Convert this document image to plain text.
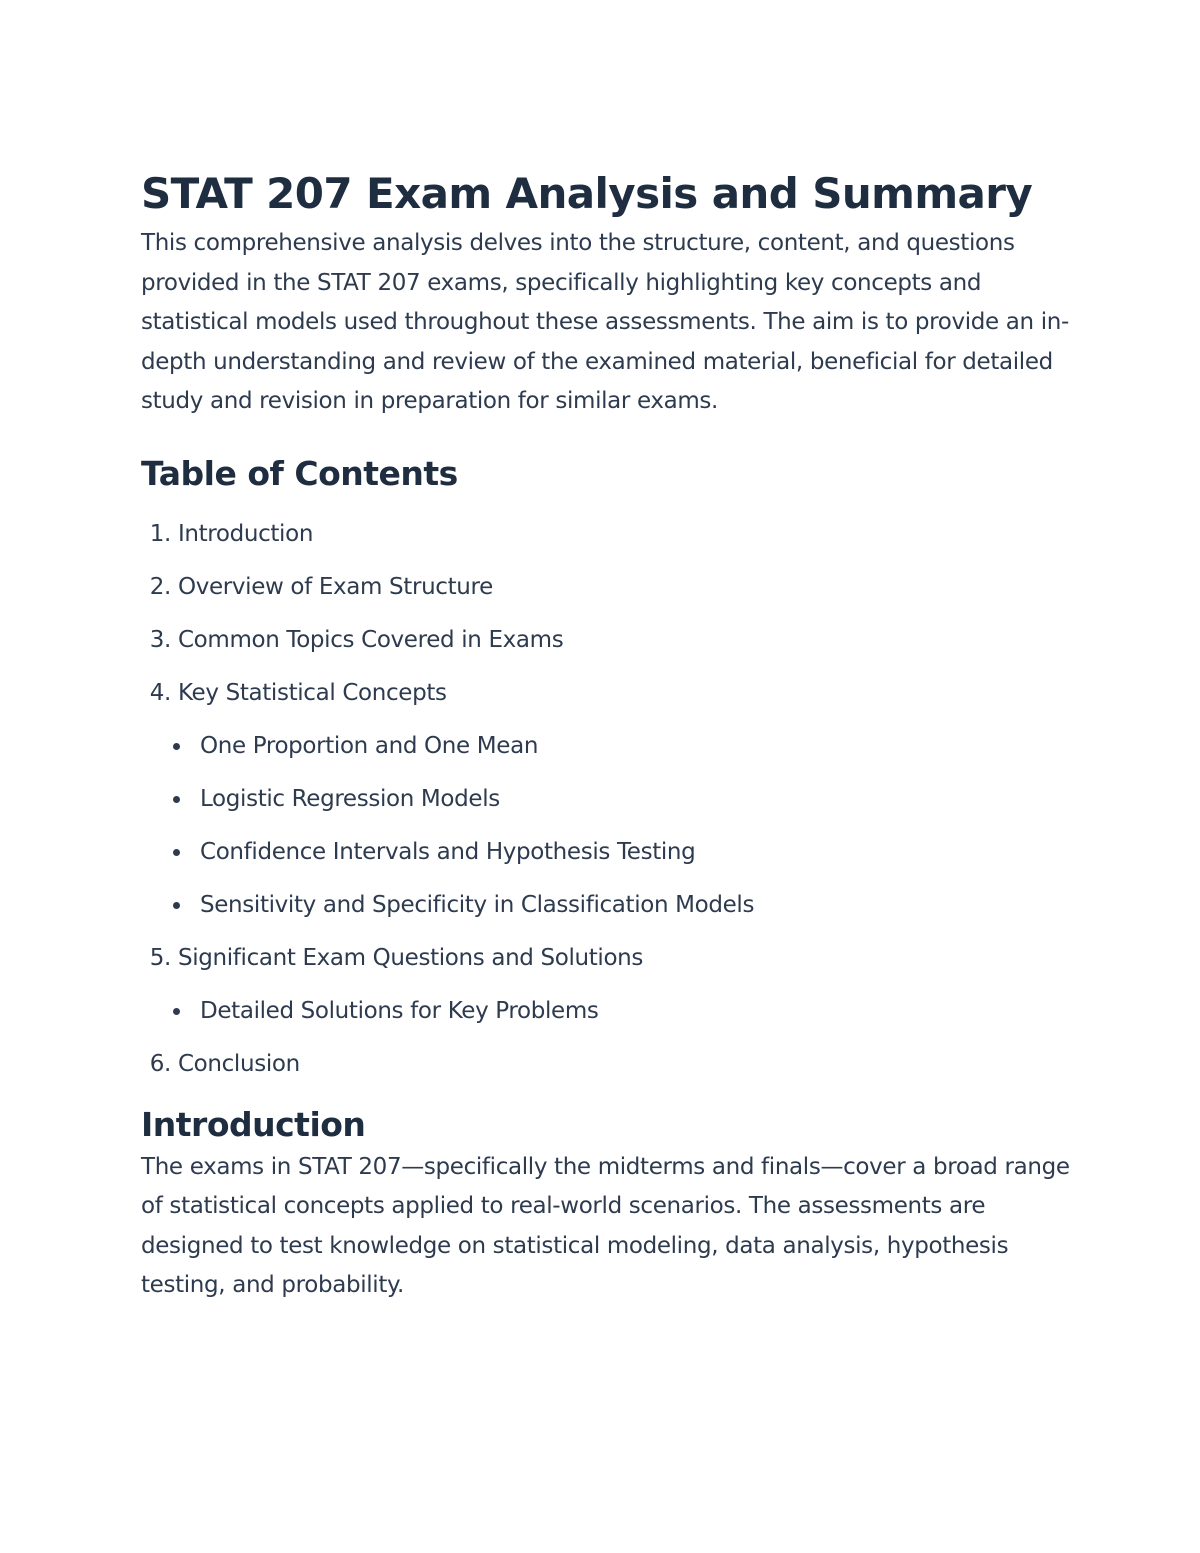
STAT 207 Exam Analysis and Summary

This comprehensive analysis delves into the structure, content, and questions provided in the STAT 207 exams, specifically highlighting key concepts and statistical models used throughout these assessments. The aim is to provide an in-depth understanding and review of the examined material, beneficial for detailed study and revision in preparation for similar exams.

Table of Contents
1. Introduction
2. Overview of Exam Structure
3. Common Topics Covered in Exams
4. Key Statistical Concepts
One Proportion and One Mean
Logistic Regression Models
Confidence Intervals and Hypothesis Testing
Sensitivity and Specificity in Classification Models
5. Significant Exam Questions and Solutions
Detailed Solutions for Key Problems
6. Conclusion
Introduction

The exams in STAT 207—specifically the midterms and finals—cover a broad range of statistical concepts applied to real-world scenarios. The assessments are designed to test knowledge on statistical modeling, data analysis, hypothesis testing, and probability.
